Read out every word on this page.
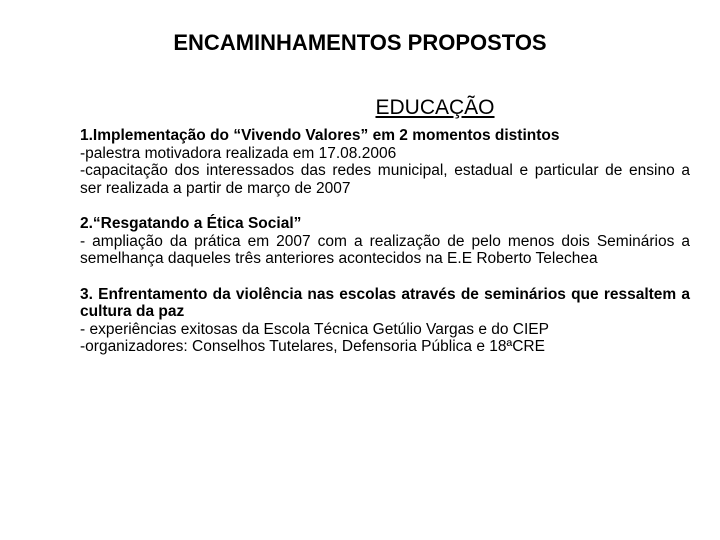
ENCAMINHAMENTOS PROPOSTOS
EDUCAÇÃO

1.Implementação do “Vivendo Valores” em 2 momentos distintos

-palestra motivadora realizada em 17.08.2006

-capacitação dos interessados das redes municipal, estadual e particular de ensino a ser realizada a partir de março de 2007

2.“Resgatando a Ética Social”

- ampliação da prática em 2007 com a realização de pelo menos dois Seminários a semelhança daqueles três anteriores acontecidos na E.E Roberto Telechea

3. Enfrentamento da violência nas escolas através de seminários que ressaltem a cultura da paz

- experiências exitosas da Escola Técnica Getúlio Vargas e do CIEP

-organizadores: Conselhos Tutelares, Defensoria Pública e 18ªCRE
